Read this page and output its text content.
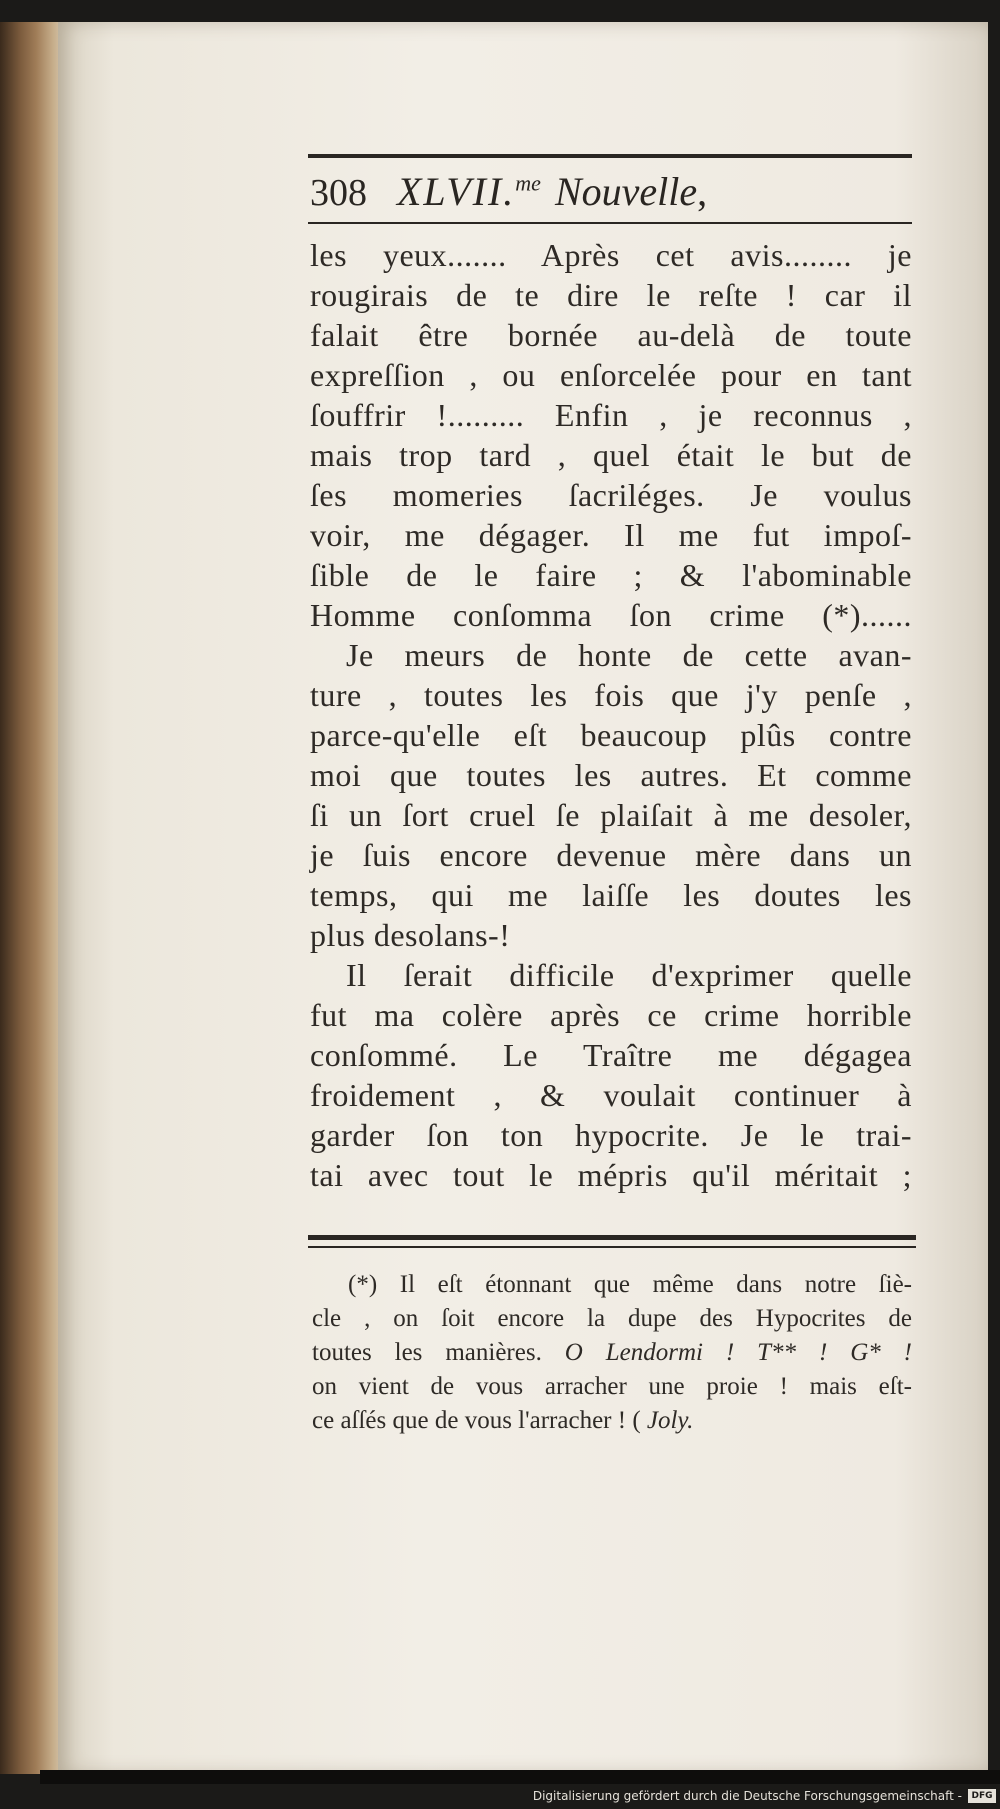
308 XLVII.$^{me}$ Nouvelle ,
les yeux....... Après cet avis........ je
rougirais de te dire le reſte ! car il
falait être bornée au-delà de toute
expreſſion , ou enſorcelée pour en tant
ſouffrir !......... Enfin , je reconnus ,
mais trop tard , quel était le but de
ſes momeries ſacriléges. Je voulus
voir, me dégager. Il me fut impoſ-
ſible de le faire ; & l'abominable
Homme conſomma ſon crime (*)......
Je meurs de honte de cette avan-
ture , toutes les fois que j'y penſe ,
parce-qu'elle eſt beaucoup plûs contre
moi que toutes les autres. Et comme
ſi un ſort cruel ſe plaiſait à me desoler,
je ſuis encore devenue mère dans un
temps, qui me laiſſe les doutes les
plus desolans-!
Il ſerait difficile d'exprimer quelle
fut ma colère après ce crime horrible
conſommé. Le Traître me dégagea
froidement , & voulait continuer à
garder ſon ton hypocrite. Je le trai-
tai avec tout le mépris qu'il méritait ;
(*) Il eſt étonnant que même dans notre ſiè-
cle , on ſoit encore la dupe des Hypocrites de
toutes les manières. O Lendormi ! T** ! G* !
on vient de vous arracher une proie ! mais eſt-
ce aſſés que de vous l'arracher ! ( Joly.
Digitalisierung gefördert durch die Deutsche Forschungsgemeinschaft -	DFG
